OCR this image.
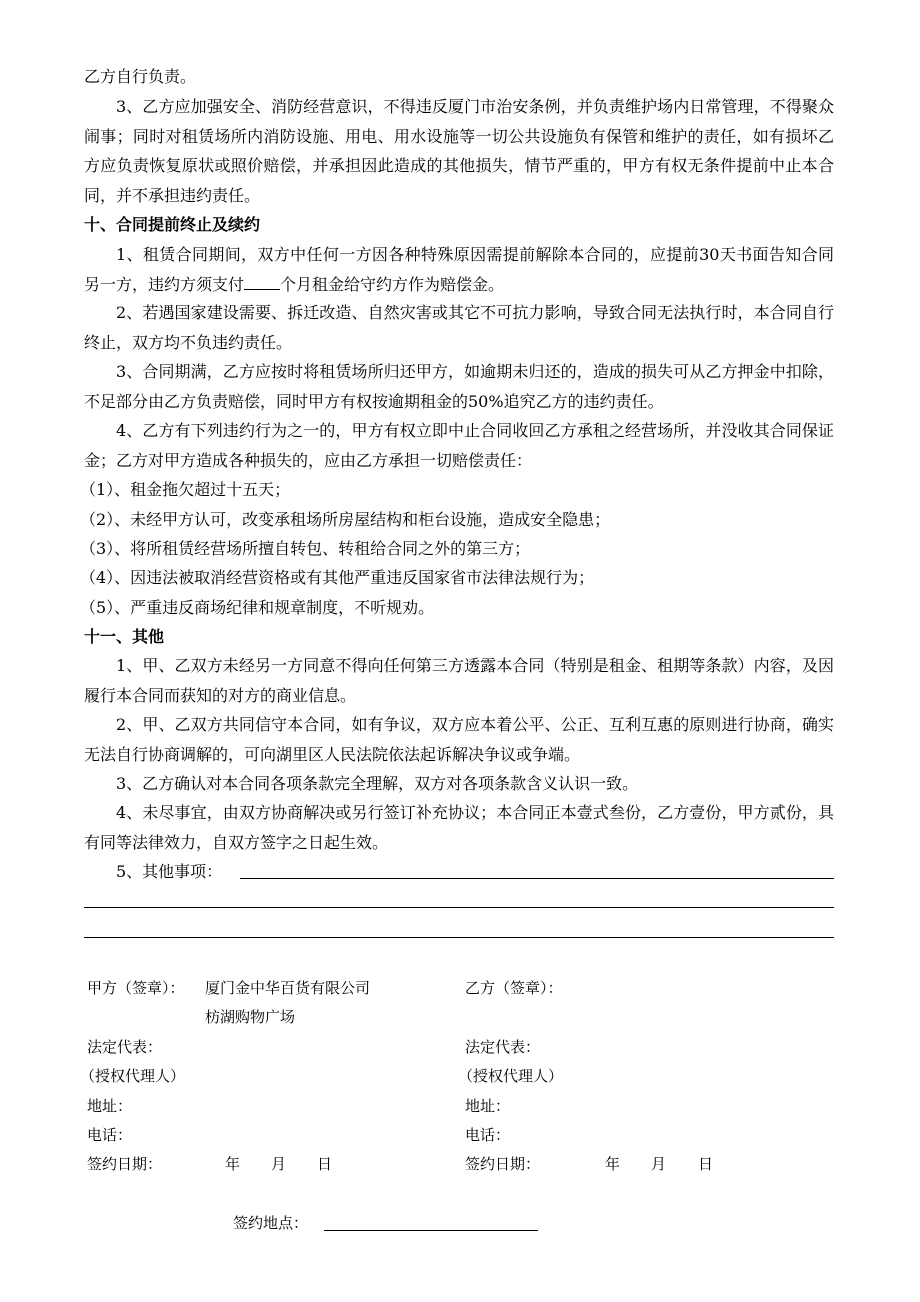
乙方自行负责。

3、乙方应加强安全、消防经营意识，不得违反厦门市治安条例，并负责维护场内日常管理，不得聚众闹事；同时对租赁场所内消防设施、用电、用水设施等一切公共设施负有保管和维护的责任，如有损坏乙方应负责恢复原状或照价赔偿，并承担因此造成的其他损失，情节严重的，甲方有权无条件提前中止本合同，并不承担违约责任。

十、合同提前终止及续约

1、租赁合同期间，双方中任何一方因各种特殊原因需提前解除本合同的，应提前30天书面告知合同另一方，违约方须支付 个月租金给守约方作为赔偿金。

2、若遇国家建设需要、拆迁改造、自然灾害或其它不可抗力影响，导致合同无法执行时，本合同自行终止，双方均不负违约责任。

3、合同期满，乙方应按时将租赁场所归还甲方，如逾期未归还的，造成的损失可从乙方押金中扣除，不足部分由乙方负责赔偿，同时甲方有权按逾期租金的50%追究乙方的违约责任。

4、乙方有下列违约行为之一的，甲方有权立即中止合同收回乙方承租之经营场所，并没收其合同保证金；乙方对甲方造成各种损失的，应由乙方承担一切赔偿责任：

（1）、租金拖欠超过十五天；

（2）、未经甲方认可，改变承租场所房屋结构和柜台设施，造成安全隐患；

（3）、将所租赁经营场所擅自转包、转租给合同之外的第三方；

（4）、因违法被取消经营资格或有其他严重违反国家省市法律法规行为；

（5）、严重违反商场纪律和规章制度，不听规劝。

十一、其他

1、甲、乙双方未经另一方同意不得向任何第三方透露本合同（特别是租金、租期等条款）内容，及因履行本合同而获知的对方的商业信息。

2、甲、乙双方共同信守本合同，如有争议，双方应本着公平、公正、互利互惠的原则进行协商，确实无法自行协商调解的，可向湖里区人民法院依法起诉解决争议或争端。

3、乙方确认对本合同各项条款完全理解，双方对各项条款含义认识一致。

4、未尽事宜，由双方协商解决或另行签订补充协议；本合同正本壹式叁份，乙方壹份，甲方贰份，具有同等法律效力，自双方签字之日起生效。

5、其他事项：

甲方（签章）： 厦门金中华百货有限公司
枋湖购物广场
法定代表：
（授权代理人）
地址：
电话：
签约日期：	年 月 日
乙方（签章）：
法定代表：
（授权代理人）
地址：
电话：
签约日期：	年 月 日
签约地点：
